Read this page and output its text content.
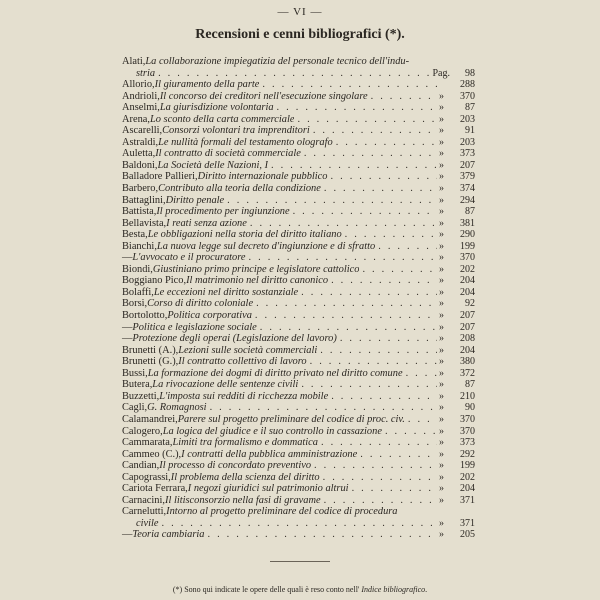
— VI —
Recensioni e cenni bibliografici (*).
Alati, La collaborazione impiegatizia del personale tecnico dell'indu-
stria . . .	Pag. 98
Allorio, Il giuramento della parte . . .	288
Andrioli, Il concorso dei creditori nell'esecuzione singolare . . .	» 370
Anselmi, La giurisdizione volontaria . . .	» 87
Arena, Lo sconto della carta commerciale . . .	» 203
Ascarelli, Consorzi volontari tra imprenditori . . .	» 91
Astraldi, Le nullità formali del testamento olografo . . .	» 203
Auletta, Il contratto di società commerciale . . .	» 373
Baldoni, La Società delle Nazioni, I . . .	» 207
Balladore Pallieri, Diritto internazionale pubblico . . .	» 379
Barbero, Contributo alla teoria della condizione . . .	» 374
Battaglini, Diritto penale . . .	» 294
Battista, Il procedimento per ingiunzione . . .	» 87
Bellavista, I reati senza azione . . .	» 381
Besta, Le obbligazioni nella storia del diritto italiano . . .	» 290
Bianchi, La nuova legge sul decreto d'ingiunzione e di sfratto . . .	» 199
— L'avvocato e il procuratore . . .	» 370
Biondi, Giustiniano primo principe e legislatore cattolico . . .	» 202
Boggiano Pico, Il matrimonio nel diritto canonico . . .	» 204
Bolaffi, Le eccezioni nel diritto sostanziale . . .	» 204
Borsi, Corso di diritto coloniale . . .	» 92
Bortolotto, Politica corporativa . . .	» 207
— Politica e legislazione sociale . . .	» 207
— Protezione degli operai (Legislazione del lavoro) . . .	» 208
Brunetti (A.), Lezioni sulle società commerciali . . .	» 204
Brunetti (G.), Il contratto collettivo di lavoro . . .	» 380
Bussi, La formazione dei dogmi di diritto privato nel diritto comune . . .	» 372
Butera, La rivocazione delle sentenze civili . . .	» 87
Buzzetti, L'imposta sui redditi di ricchezza mobile . . .	» 210
Cagli, G. Romagnosi . . .	» 90
Calamandrei, Parere sul progetto preliminare del codice di proc. civ. . . .	» 370
Calogero, La logica del giudice e il suo controllo in cassazione . . .	» 370
Cammarata, Limiti tra formalismo e dommatica . . .	» 373
Cammeo (C.), I contratti della pubblica amministrazione . . .	» 292
Candian, Il processo di concordato preventivo . . .	» 199
Capograssi, Il problema della scienza del diritto . . .	» 202
Cariota Ferrara, I negozi giuridici sul patrimonio altrui . . .	» 204
Carnacini, Il litisconsorzio nella fasi di gravame . . .	» 371
Carnelutti, Intorno al progetto preliminare del codice di procedura
civile . . .	» 371
— Teoria cambiaria . . .	» 205
(*) Sono qui indicate le opere delle quali è reso conto nell' Indice bibliografico.
